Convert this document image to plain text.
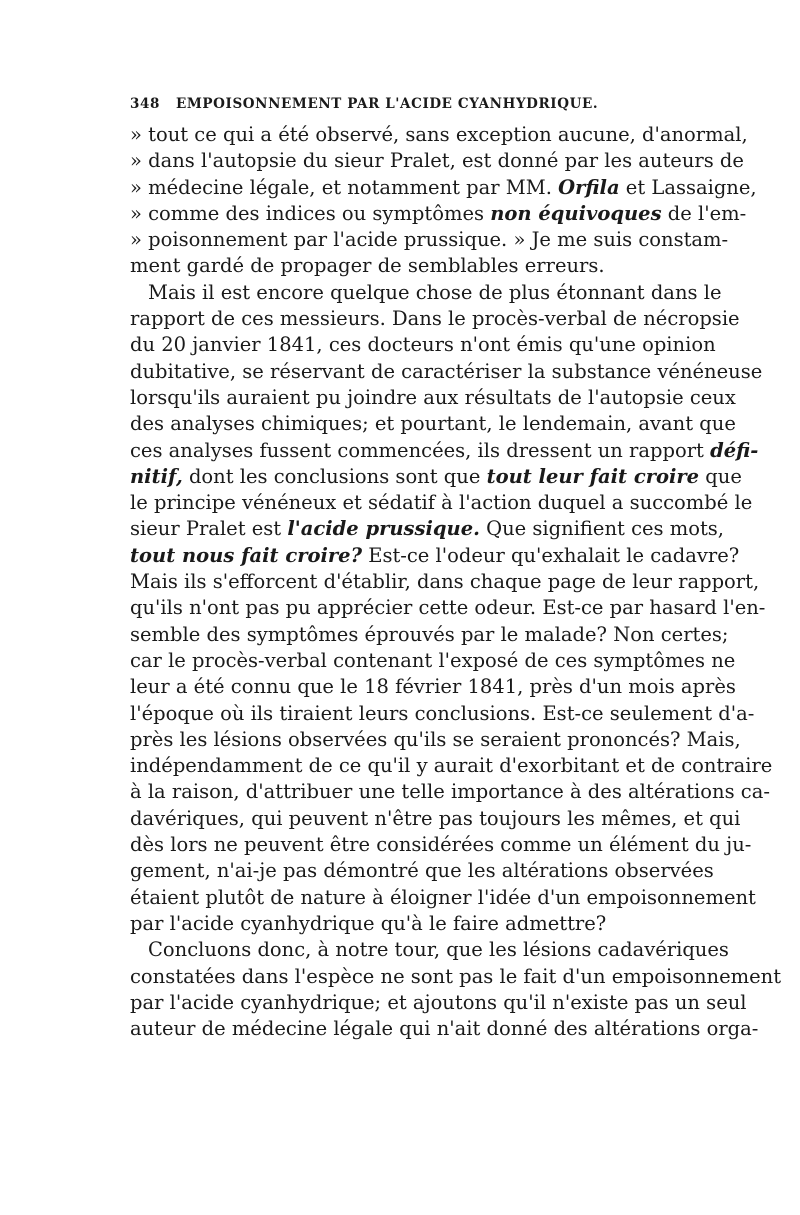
348 EMPOISONNEMENT PAR L'ACIDE CYANHYDRIQUE.
» tout ce qui a été observé, sans exception aucune, d'anormal,
» dans l'autopsie du sieur Pralet, est donné par les auteurs de
» médecine légale, et notamment par MM. Orfila et Lassaigne,
» comme des indices ou symptômes non équivoques de l'em-
» poisonnement par l'acide prussique. » Je me suis constam-
ment gardé de propager de semblables erreurs.
Mais il est encore quelque chose de plus étonnant dans le
rapport de ces messieurs. Dans le procès-verbal de nécropsie
du 20 janvier 1841, ces docteurs n'ont émis qu'une opinion
dubitative, se réservant de caractériser la substance vénéneuse
lorsqu'ils auraient pu joindre aux résultats de l'autopsie ceux
des analyses chimiques; et pourtant, le lendemain, avant que
ces analyses fussent commencées, ils dressent un rapport défi-
nitif, dont les conclusions sont que tout leur fait croire que
le principe vénéneux et sédatif à l'action duquel a succombé le
sieur Pralet est l'acide prussique. Que signifient ces mots,
tout nous fait croire? Est-ce l'odeur qu'exhalait le cadavre?
Mais ils s'efforcent d'établir, dans chaque page de leur rapport,
qu'ils n'ont pas pu apprécier cette odeur. Est-ce par hasard l'en-
semble des symptômes éprouvés par le malade? Non certes;
car le procès-verbal contenant l'exposé de ces symptômes ne
leur a été connu que le 18 février 1841, près d'un mois après
l'époque où ils tiraient leurs conclusions. Est-ce seulement d'a-
près les lésions observées qu'ils se seraient prononcés? Mais,
indépendamment de ce qu'il y aurait d'exorbitant et de contraire
à la raison, d'attribuer une telle importance à des altérations ca-
davériques, qui peuvent n'être pas toujours les mêmes, et qui
dès lors ne peuvent être considérées comme un élément du ju-
gement, n'ai-je pas démontré que les altérations observées
étaient plutôt de nature à éloigner l'idée d'un empoisonnement
par l'acide cyanhydrique qu'à le faire admettre?
Concluons donc, à notre tour, que les lésions cadavériques
constatées dans l'espèce ne sont pas le fait d'un empoisonnement
par l'acide cyanhydrique; et ajoutons qu'il n'existe pas un seul
auteur de médecine légale qui n'ait donné des altérations orga-
